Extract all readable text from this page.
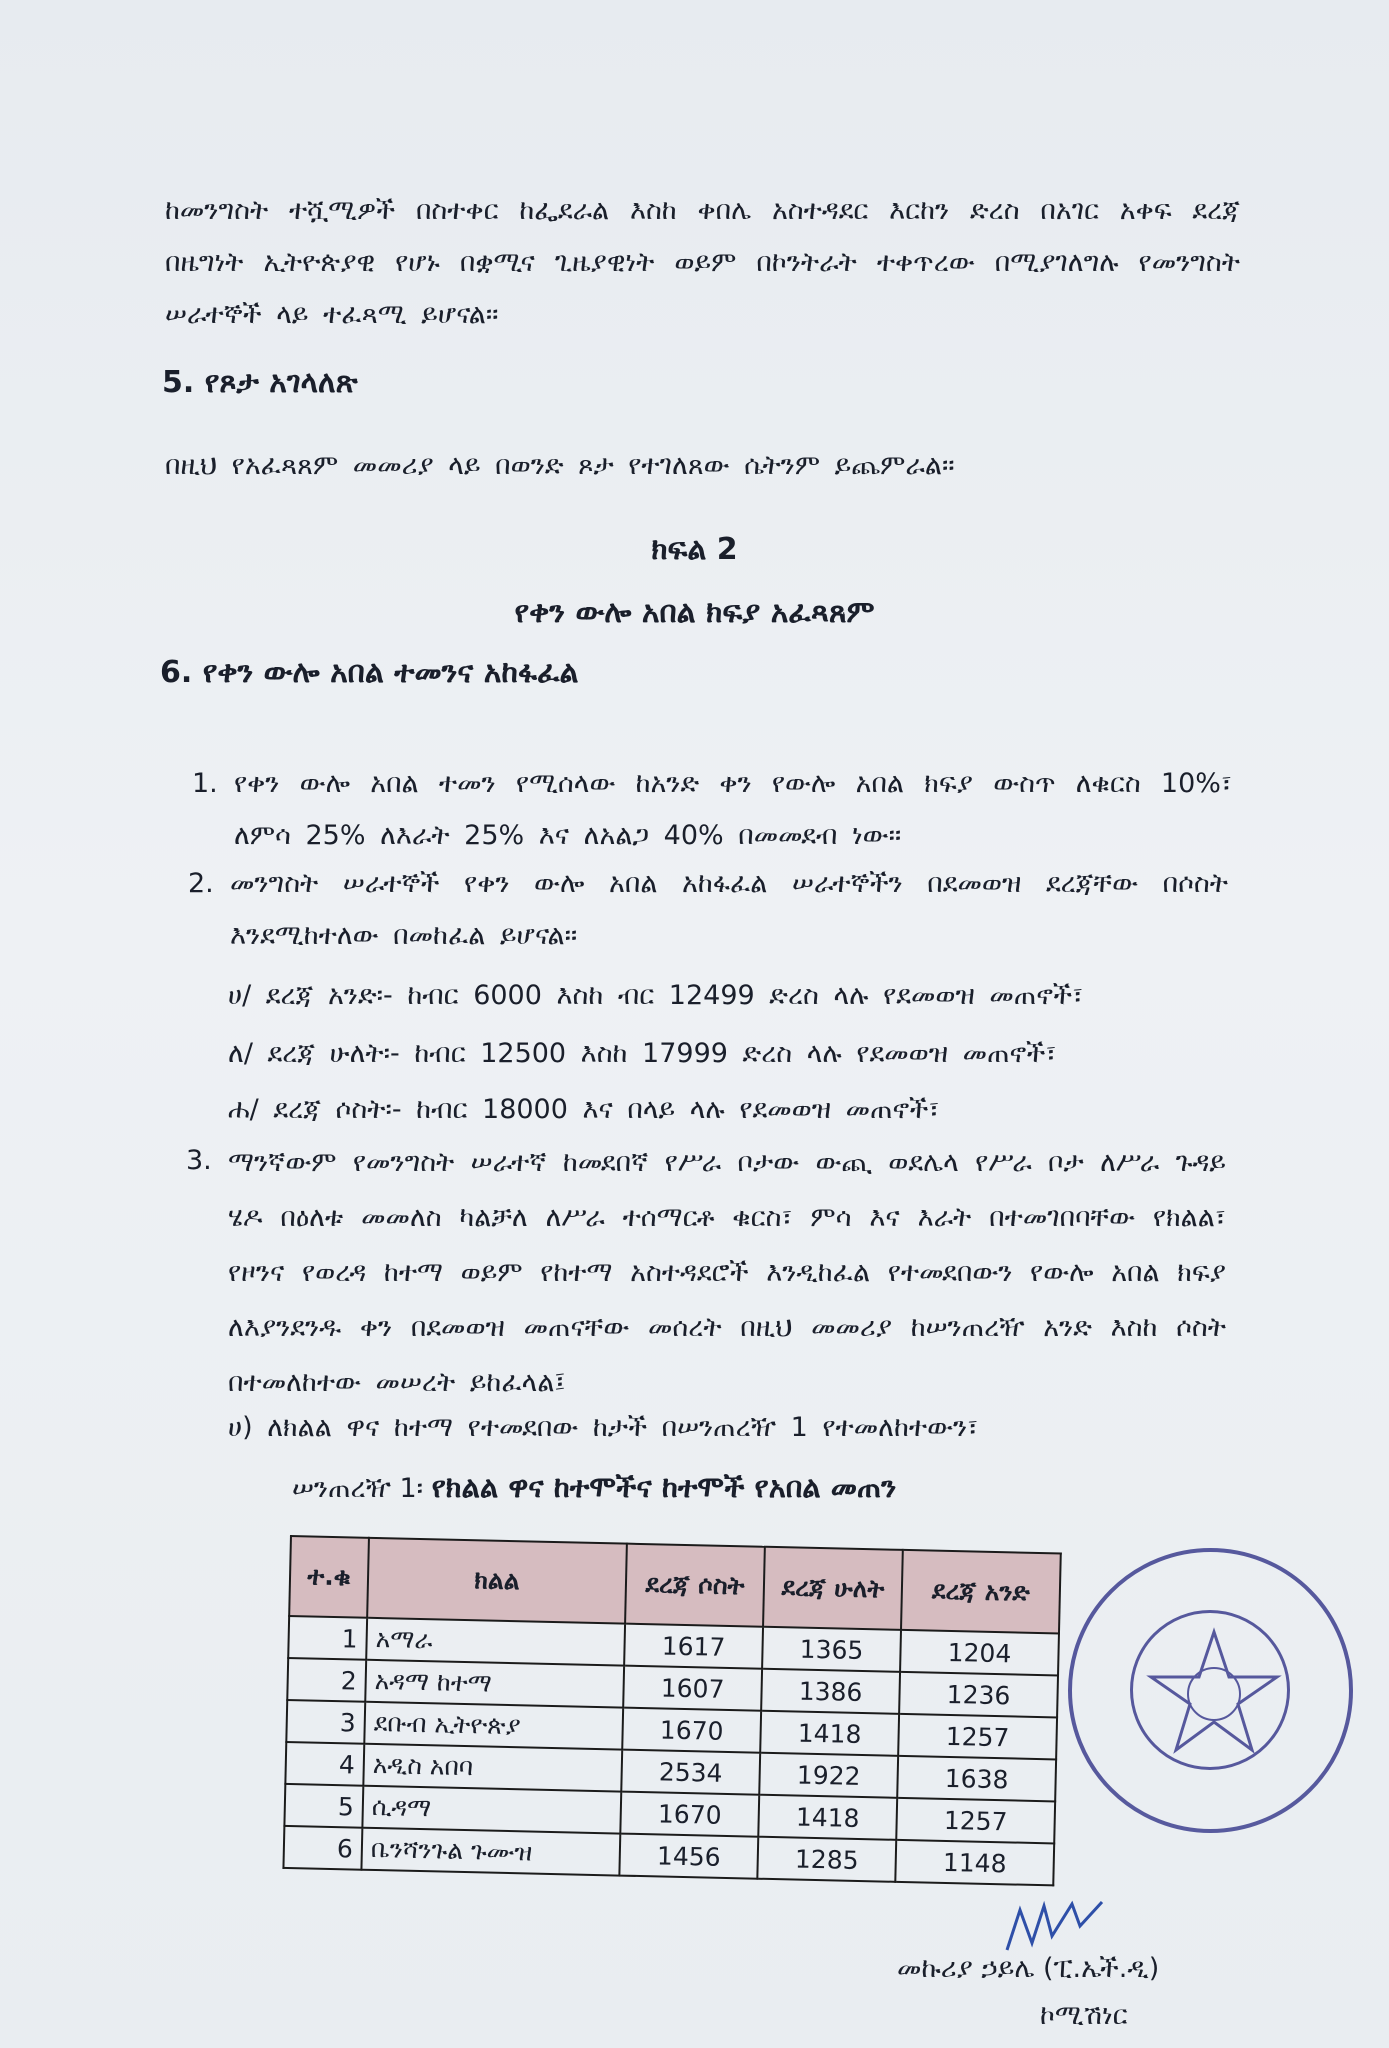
ከመንግስት ተሿሚዎች በስተቀር ከፌደራል እስከ ቀበሌ አስተዳደር እርከን ድረስ በአገር አቀፍ ደረጃ በዜግነት ኢትዮጵያዊ የሆኑ በቋሚና ጊዜያዊነት ወይም በኮንትራት ተቀጥረው በሚያገለግሉ የመንግስት ሠራተኞች ላይ ተፈጻሚ ይሆናል።
5. የጾታ አገላለጽ
በዚህ የአፈጻጸም መመሪያ ላይ በወንድ ጾታ የተገለጸው ሴትንም ይጨምራል።
ክፍል 2
የቀን ውሎ አበል ክፍያ አፈጻጸም
6. የቀን ውሎ አበል ተመንና አከፋፈል
1. የቀን ውሎ አበል ተመን የሚሰላው ከአንድ ቀን የውሎ አበል ክፍያ ውስጥ ለቁርስ 10%፣ ለምሳ 25% ለእራት 25% እና ለአልጋ 40% በመመደብ ነው።
2. መንግስት ሠራተኞች የቀን ውሎ አበል አከፋፈል ሠራተኞችን በደመወዝ ደረጃቸው በሶስት እንደሚከተለው በመከፈል ይሆናል።
ሀ/ ደረጃ አንድ፡- ከብር 6000 እስከ ብር 12499 ድረስ ላሉ የደመወዝ መጠኖች፣
ለ/ ደረጃ ሁለት፡- ከብር 12500 እስከ 17999 ድረስ ላሉ የደመወዝ መጠኖች፣
ሐ/ ደረጃ ሶስት፡- ከብር 18000 እና በላይ ላሉ የደመወዝ መጠኖች፣
3. ማንኛውም የመንግስት ሠራተኛ ከመደበኛ የሥራ ቦታው ውጪ ወደሌላ የሥራ ቦታ ለሥራ ጉዳይ ሄዶ በዕለቱ መመለስ ካልቻለ ለሥራ ተሰማርቶ ቁርስ፣ ምሳ እና እራት በተመገበባቸው የክልል፣ የዞንና የወረዳ ከተማ ወይም የከተማ አስተዳደሮች እንዲከፈል የተመደበውን የውሎ አበል ክፍያ ለእያንደንዱ ቀን በደመወዝ መጠናቸው መሰረት በዚህ መመሪያ ከሠንጠረዥ አንድ እስከ ሶስት በተመለከተው መሠረት ይከፈላል፤
ሀ) ለክልል ዋና ከተማ የተመደበው ከታች በሠንጠረዥ 1 የተመለከተውን፣
ሠንጠረዥ 1፡ የክልል ዋና ከተሞችና ከተሞች የአበል መጠን
ተ.ቁ	ክልል	ደረጃ ሶስት	ደረጃ ሁለት	ደረጃ አንድ
1	አማራ	1617	1365	1204
2	አዳማ ከተማ	1607	1386	1236
3	ደቡብ ኢትዮጵያ	1670	1418	1257
4	አዲስ አበባ	2534	1922	1638
5	ሲዳማ	1670	1418	1257
6	ቤንሻንጉል ጉሙዝ	1456	1285	1148
መኩሪያ ኃይሌ (ፒ.ኤች.ዲ)
ኮሚሽነር
